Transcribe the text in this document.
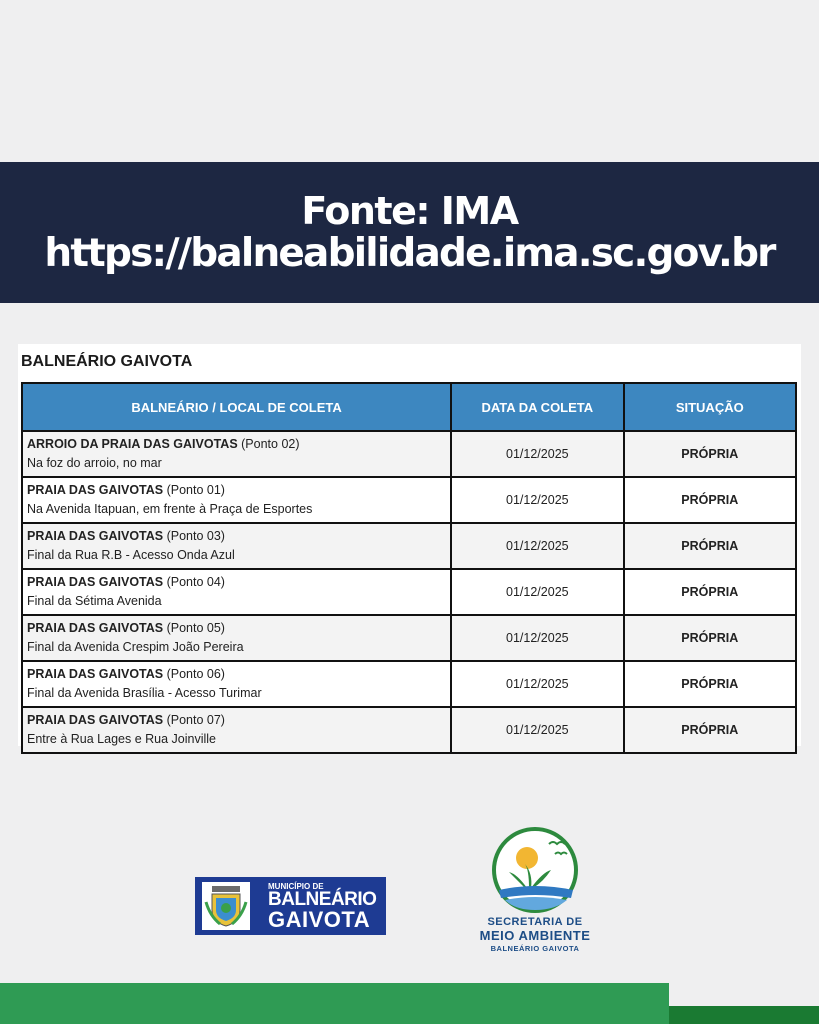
Fonte: IMA
https://balneabilidade.ima.sc.gov.br
BALNEÁRIO GAIVOTA
BALNEÁRIO / LOCAL DE COLETA	DATA DA COLETA	SITUAÇÃO
ARROIO DA PRAIA DAS GAIVOTAS (Ponto 02)
Na foz do arroio, no mar	01/12/2025	PRÓPRIA
PRAIA DAS GAIVOTAS (Ponto 01)
Na Avenida Itapuan, em frente à Praça de Esportes	01/12/2025	PRÓPRIA
PRAIA DAS GAIVOTAS (Ponto 03)
Final da Rua R.B - Acesso Onda Azul	01/12/2025	PRÓPRIA
PRAIA DAS GAIVOTAS (Ponto 04)
Final da Sétima Avenida	01/12/2025	PRÓPRIA
PRAIA DAS GAIVOTAS (Ponto 05)
Final da Avenida Crespim João Pereira	01/12/2025	PRÓPRIA
PRAIA DAS GAIVOTAS (Ponto 06)
Final da Avenida Brasília - Acesso Turimar	01/12/2025	PRÓPRIA
PRAIA DAS GAIVOTAS (Ponto 07)
Entre à Rua Lages e Rua Joinville	01/12/2025	PRÓPRIA
MUNICÍPIO DE
BALNEÁRIO
GAIVOTA	SECRETARIA DE
MEIO AMBIENTE
BALNEÁRIO GAIVOTA
